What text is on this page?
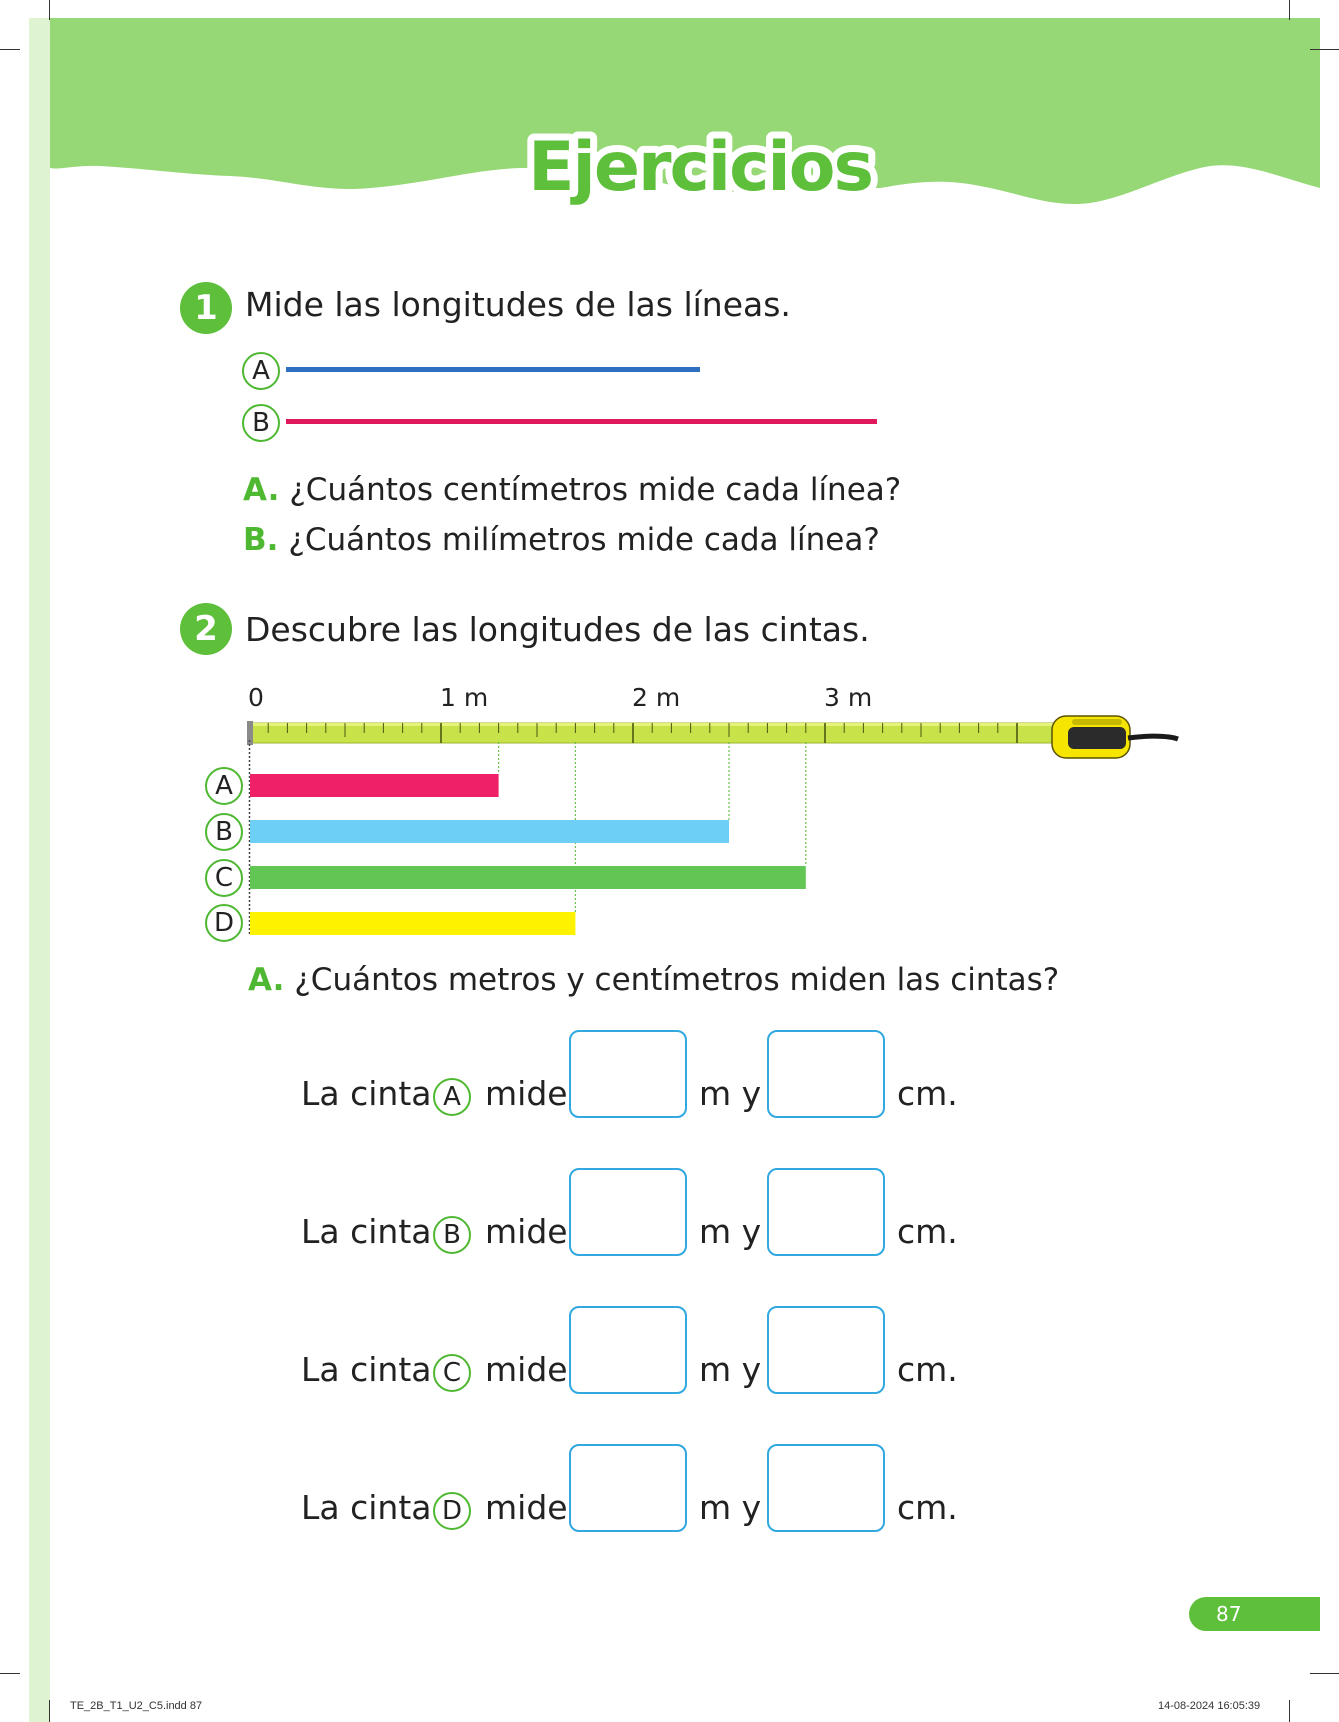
Ejercicios
1 Mide las longitudes de las líneas.
A
B
A. ¿Cuántos centímetros mide cada línea?
B. ¿Cuántos milímetros mide cada línea?
2 Descubre las longitudes de las cintas.
0	1 m	2 m	3 m
A
B
C
D
A. ¿Cuántos metros y centímetros miden las cintas?
La cinta A mide	m y	cm.
La cinta B mide	m y	cm.
La cinta C mide	m y	cm.
La cinta D mide	m y	cm.
87
TE_2B_T1_U2_C5.indd 87	14-08-2024 16:05:39
